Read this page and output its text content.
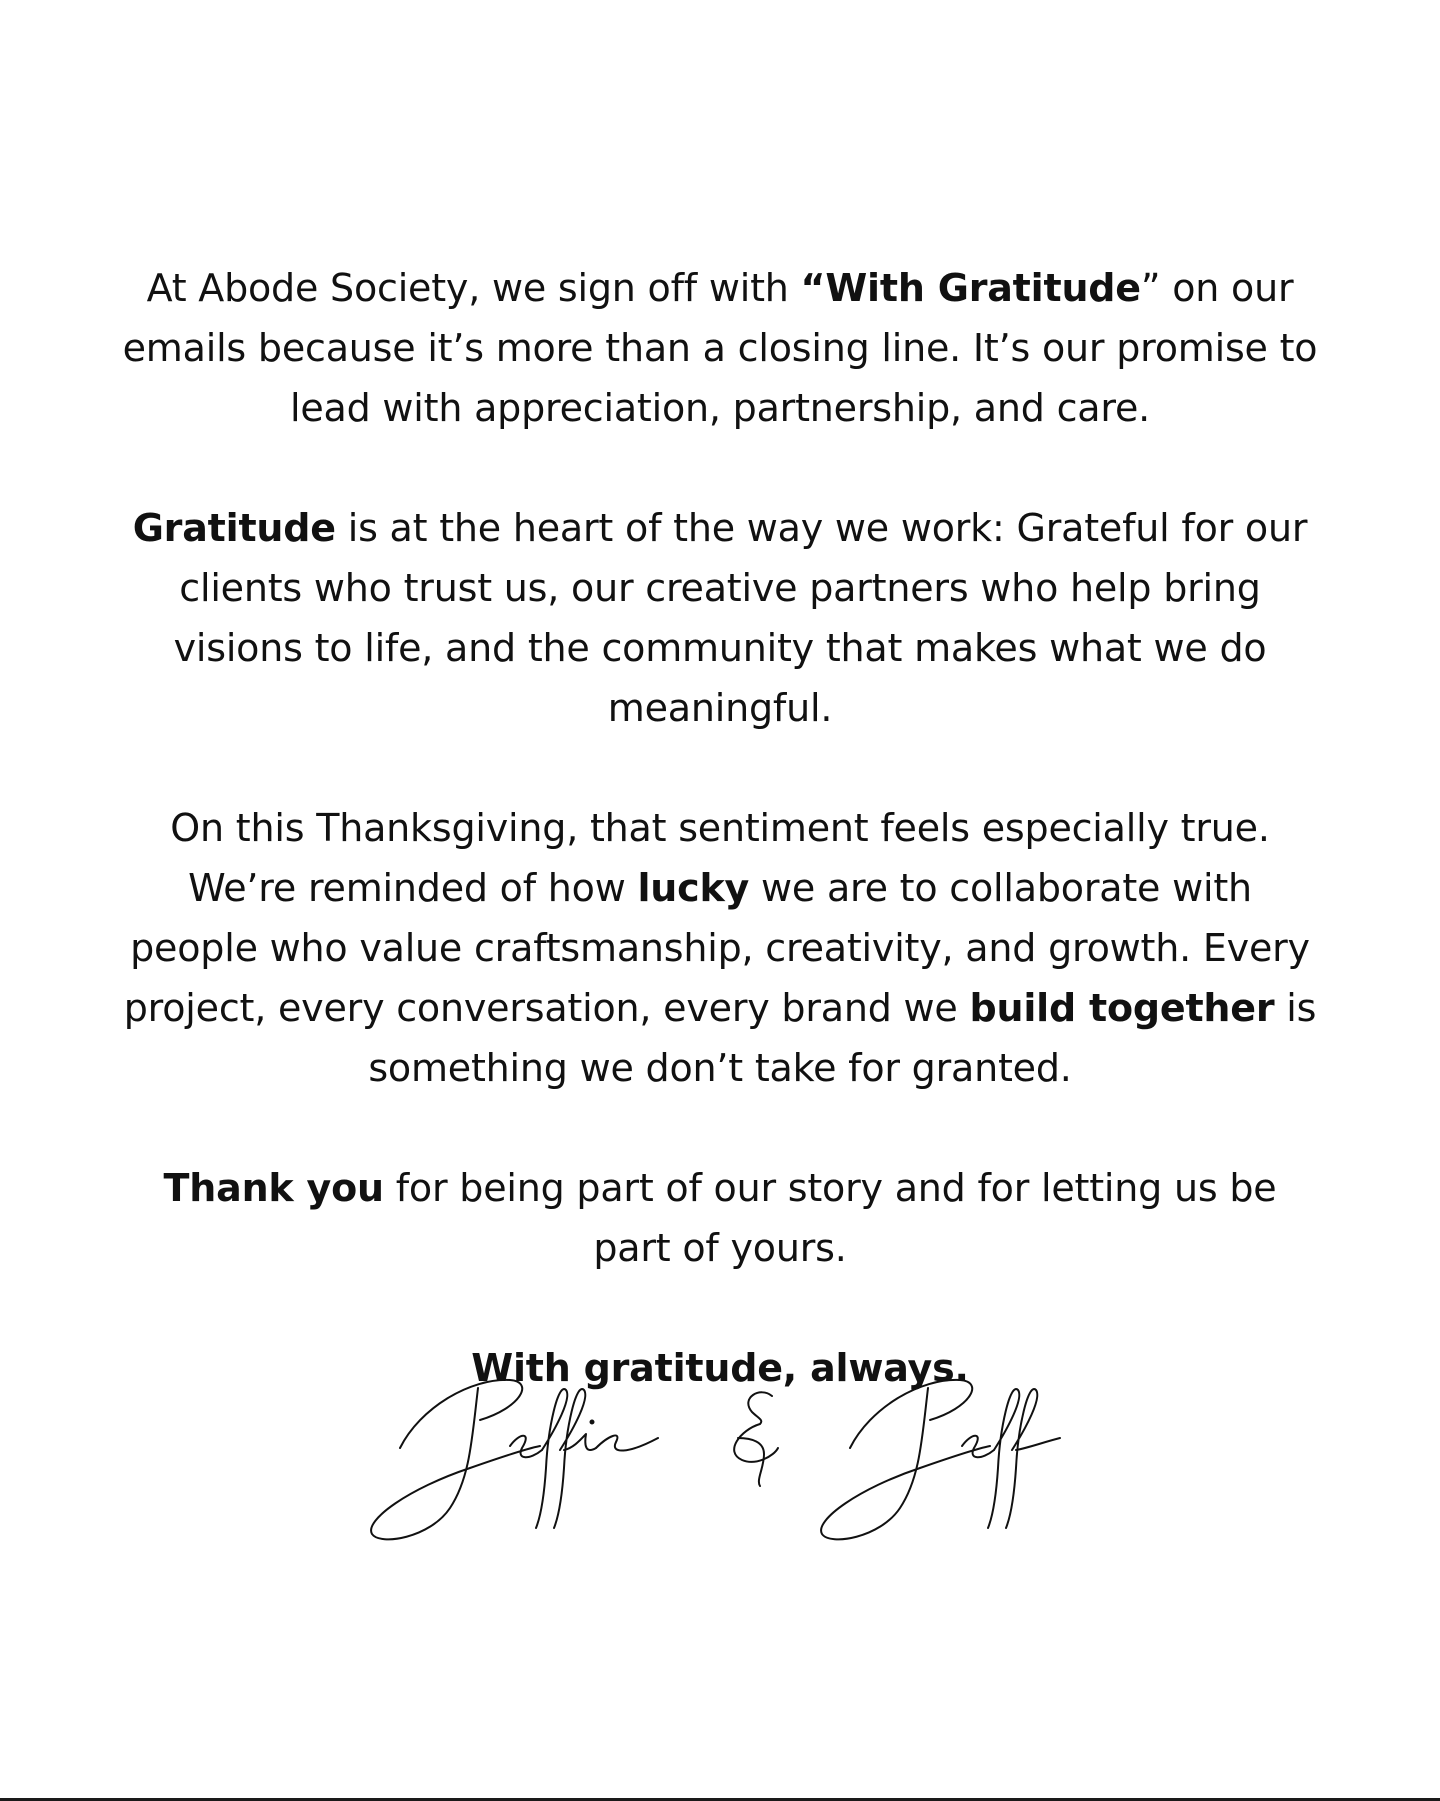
At Abode Society, we sign off with “With Gratitude” on our emails because it’s more than a closing line. It’s our promise to lead with appreciation, partnership, and care.

Gratitude is at the heart of the way we work: Grateful for our clients who trust us, our creative partners who help bring visions to life, and the community that makes what we do meaningful.

On this Thanksgiving, that sentiment feels especially true. We’re reminded of how lucky we are to collaborate with people who value craftsmanship, creativity, and growth. Every project, every conversation, every brand we build together is something we don’t take for granted.

Thank you for being part of our story and for letting us be part of yours.

With gratitude, always.
